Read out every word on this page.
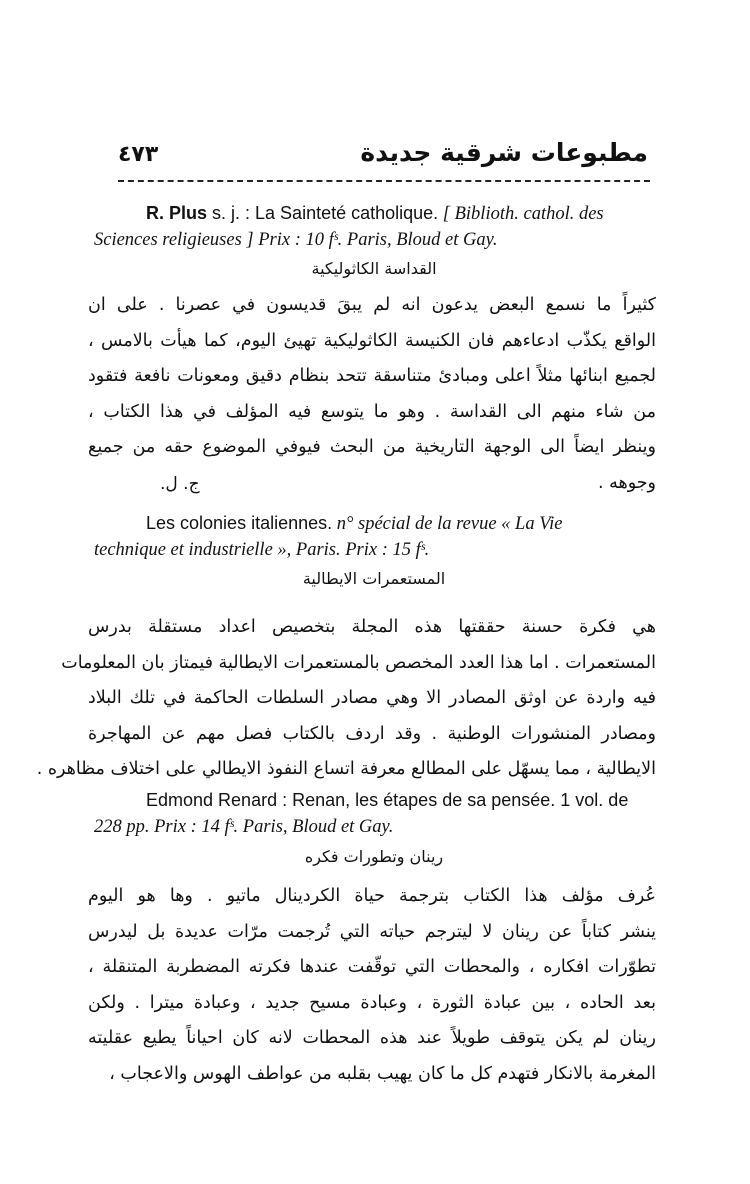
مطبوعات شرقية جديدة
٤٧٣
R. Plus s. j. : La Sainteté catholique. [ Biblioth. cathol. des
Sciences religieuses ] Prix : 10 fˢ. Paris, Bloud et Gay.
القداسة الكاثوليكية
كثيراً ما نسمع البعض يدعون انه لم يبقَ قديسون في عصرنا . على ان
الواقع يكذّب ادعاءهم فان الكنيسة الكاثوليكية تهيئ اليوم، كما هيأت بالامس ،
لجميع ابنائها مثلاً اعلى ومبادئ متناسقة تتحد بنظام دقيق ومعونات نافعة فتقود
من شاء منهم الى القداسة . وهو ما يتوسع فيه المؤلف في هذا الكتاب ،
وينظر ايضاً الى الوجهة التاريخية من البحث فيوفي الموضوع حقه من جميع
وجوهه .
ج. ل.
Les colonies italiennes. n° spécial de la revue « La Vie
technique et industrielle », Paris. Prix : 15 fˢ.
المستعمرات الايطالية
هي فكرة حسنة حققتها هذه المجلة بتخصيص اعداد مستقلة بدرس
المستعمرات . اما هذا العدد المخصص بالمستعمرات الايطالية فيمتاز بان المعلومات
فيه واردة عن اوثق المصادر الا وهي مصادر السلطات الحاكمة في تلك البلاد
ومصادر المنشورات الوطنية . وقد اردف بالكتاب فصل مهم عن المهاجرة
الايطالية ، مما يسهّل على المطالع معرفة اتساع النفوذ الايطالي على اختلاف مظاهره .
Edmond Renard : Renan, les étapes de sa pensée. 1 vol. de
228 pp. Prix : 14 fˢ. Paris, Bloud et Gay.
رينان وتطورات فكره
عُرف مؤلف هذا الكتاب بترجمة حياة الكردينال ماتيو . وها هو اليوم
ينشر كتاباً عن رينان لا ليترجم حياته التي تُرجمت مرّات عديدة بل ليدرس
تطوّرات افكاره ، والمحطات التي توقّفت عندها فكرته المضطربة المتنقلة ،
بعد الحاده ، بين عبادة الثورة ، وعبادة مسيح جديد ، وعبادة ميترا . ولكن
رينان لم يكن يتوقف طويلاً عند هذه المحطات لانه كان احياناً يطيع عقليته
المغرمة بالانكار فتهدم كل ما كان يهيب بقلبه من عواطف الهوس والاعجاب ،
